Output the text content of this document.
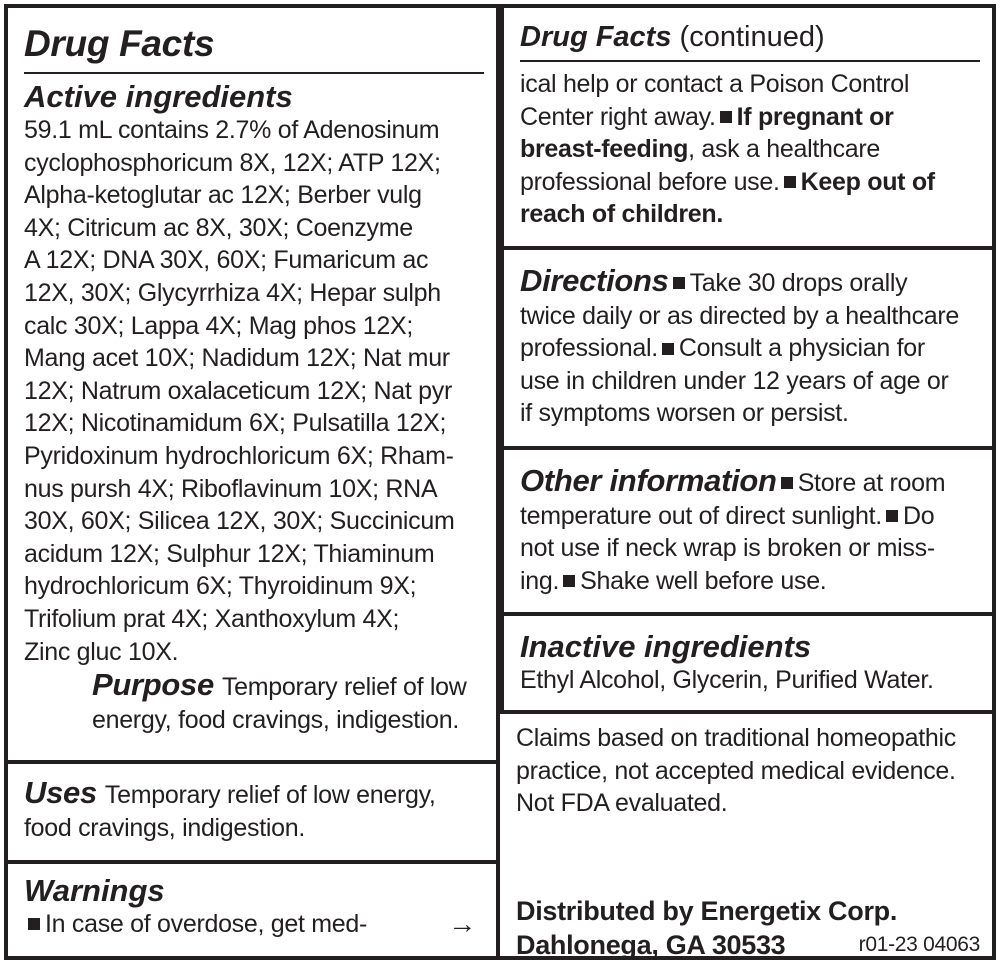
Drug Facts
Active ingredients

59.1 mL contains 2.7% of Adenosinum

cyclophosphoricum 8X, 12X; ATP 12X;

Alpha-ketoglutar ac 12X; Berber vulg

4X; Citricum ac 8X, 30X; Coenzyme

A 12X; DNA 30X, 60X; Fumaricum ac

12X, 30X; Glycyrrhiza 4X; Hepar sulph

calc 30X; Lappa 4X; Mag phos 12X;

Mang acet 10X; Nadidum 12X; Nat mur

12X; Natrum oxalaceticum 12X; Nat pyr

12X; Nicotinamidum 6X; Pulsatilla 12X;

Pyridoxinum hydrochloricum 6X; Rham-

nus pursh 4X; Riboflavinum 10X; RNA

30X, 60X; Silicea 12X, 30X; Succinicum

acidum 12X; Sulphur 12X; Thiaminum

hydrochloricum 6X; Thyroidinum 9X;

Trifolium prat 4X; Xanthoxylum 4X;

Zinc gluc 10X.

Purpose Temporary relief of low

energy, food cravings, indigestion.

Uses Temporary relief of low energy,

food cravings, indigestion.

Warnings

In case of overdose, get med-	→

Drug Facts (continued)

ical help or contact a Poison Control

Center right away. If pregnant or

breast-feeding, ask a healthcare

professional before use. Keep out of

reach of children.

Directions Take 30 drops orally

twice daily or as directed by a healthcare

professional. Consult a physician for

use in children under 12 years of age or

if symptoms worsen or persist.

Other information Store at room

temperature out of direct sunlight. Do

not use if neck wrap is broken or miss-

ing. Shake well before use.

Inactive ingredients

Ethyl Alcohol, Glycerin, Purified Water.

Claims based on traditional homeopathic

practice, not accepted medical evidence.

Not FDA evaluated.

Distributed by Energetix Corp.

Dahlonega, GA 30533	r01-23 04063
